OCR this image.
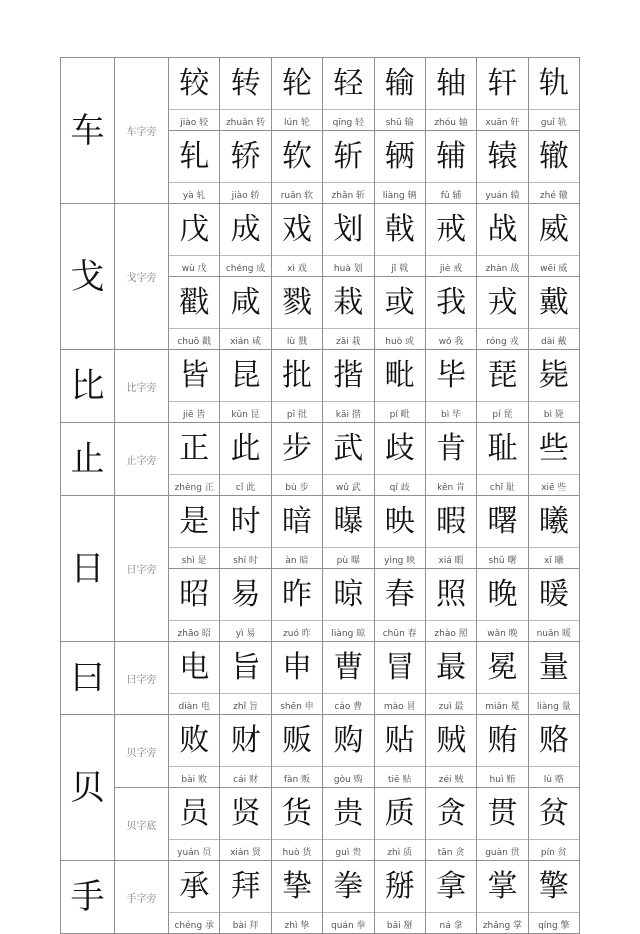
车	车字旁	较	转	轮	轻	输	轴	轩	轨

		jiào 较	zhuǎn 转	lún 轮	qīng 轻	shū 输	zhóu 轴	xuān 轩	guǐ 轨

		轧	轿	软	斩	辆	辅	辕	辙

		yà 轧	jiào 轿	ruǎn 软	zhǎn 斩	liàng 辆	fǔ 辅	yuán 辕	zhé 辙
戈	戈字旁	戊	成	戏	划	戟	戒	战	威

		wù 戊	chéng 成	xì 戏	huà 划	jǐ 戟	jiè 戒	zhàn 战	wēi 威

		戳	咸	戮	栽	或	我	戎	戴

		chuō 戳	xián 咸	lù 戮	zāi 栽	huò 或	wǒ 我	róng 戎	dài 戴
比	比字旁	皆	昆	批	揩	毗	毕	琵	毙

		jiē 皆	kūn 昆	pī 批	kāi 揩	pí 毗	bì 毕	pí 琵	bì 毙
止	止字旁	正	此	步	武	歧	肯	耻	些

		zhèng 正	cǐ 此	bù 步	wǔ 武	qí 歧	kěn 肯	chǐ 耻	xiē 些
日	日字旁	是	时	暗	曝	映	暇	曙	曦

		shì 是	shí 时	àn 暗	pù 曝	yìng 映	xiá 暇	shǔ 曙	xī 曦

		昭	易	昨	晾	春	照	晚	暖

		zhāo 昭	yì 易	zuó 昨	liàng 晾	chūn 春	zhào 照	wǎn 晚	nuǎn 暖
曰	曰字旁	电	旨	申	曹	冒	最	冕	量

		diàn 电	zhǐ 旨	shēn 申	cáo 曹	mào 冒	zuì 最	miǎn 冕	liàng 量
贝	贝字旁	败	财	贩	购	贴	贼	贿	赂

		bài 败	cái 财	fàn 贩	gòu 购	tiē 贴	zéi 贼	huì 贿	lù 赂
	贝字底	员	贤	货	贵	质	贪	贯	贫

		yuán 员	xián 贤	huò 货	guì 贵	zhì 质	tān 贪	guàn 贯	pín 贫
手	手字旁	承	拜	挚	拳	掰	拿	掌	擎

		chéng 承	bài 拜	zhì 挚	quán 拳	bāi 掰	ná 拿	zhǎng 掌	qíng 擎
